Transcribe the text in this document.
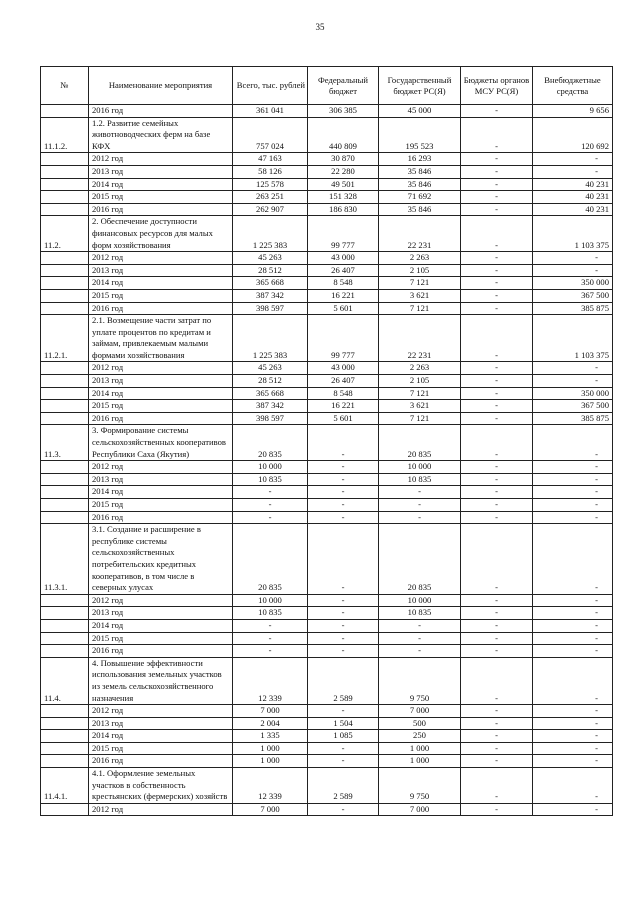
35
№	Наименование мероприятия	Всего, тыс. рублей	Федеральный бюджет	Государственный бюджет РС(Я)	Бюджеты органов МСУ РС(Я)	Внебюджетные средства
	2016 год	361 041	306 385	45 000	-	9 656
11.1.2.	1.2. Развитие семейных животноводческих ферм на базе КФХ	757 024	440 809	195 523	-	120 692
	2012 год	47 163	30 870	16 293	-	-
	2013 год	58 126	22 280	35 846	-	-
	2014 год	125 578	49 501	35 846	-	40 231
	2015 год	263 251	151 328	71 692	-	40 231
	2016 год	262 907	186 830	35 846	-	40 231
11.2.	2. Обеспечение доступности финансовых ресурсов для малых форм хозяйствования	1 225 383	99 777	22 231	-	1 103 375
	2012 год	45 263	43 000	2 263	-	-
	2013 год	28 512	26 407	2 105	-	-
	2014 год	365 668	8 548	7 121	-	350 000
	2015 год	387 342	16 221	3 621	-	367 500
	2016 год	398 597	5 601	7 121	-	385 875
11.2.1.	2.1. Возмещение части затрат по уплате процентов по кредитам и займам, привлекаемым малыми формами хозяйствования	1 225 383	99 777	22 231	-	1 103 375
	2012 год	45 263	43 000	2 263	-	-
	2013 год	28 512	26 407	2 105	-	-
	2014 год	365 668	8 548	7 121	-	350 000
	2015 год	387 342	16 221	3 621	-	367 500
	2016 год	398 597	5 601	7 121	-	385 875
11.3.	3. Формирование системы сельскохозяйственных кооперативов Республики Саха (Якутия)	20 835	-	20 835	-	-
	2012 год	10 000	-	10 000	-	-
	2013 год	10 835	-	10 835	-	-
	2014 год	-	-	-	-	-
	2015 год	-	-	-	-	-
	2016 год	-	-	-	-	-
11.3.1.	3.1. Создание и расширение в республике системы сельскохозяйственных потребительских кредитных кооперативов, в том числе в северных улусах	20 835	-	20 835	-	-
	2012 год	10 000	-	10 000	-	-
	2013 год	10 835	-	10 835	-	-
	2014 год	-	-	-	-	-
	2015 год	-	-	-	-	-
	2016 год	-	-	-	-	-
11.4.	4. Повышение эффективности использования земельных участков из земель сельскохозяйственного назначения	12 339	2 589	9 750	-	-
	2012 год	7 000	-	7 000	-	-
	2013 год	2 004	1 504	500	-	-
	2014 год	1 335	1 085	250	-	-
	2015 год	1 000	-	1 000	-	-
	2016 год	1 000	-	1 000	-	-
11.4.1.	4.1. Оформление земельных участков в собственность крестьянских (фермерских) хозяйств	12 339	2 589	9 750	-	-
	2012 год	7 000	-	7 000	-	-
